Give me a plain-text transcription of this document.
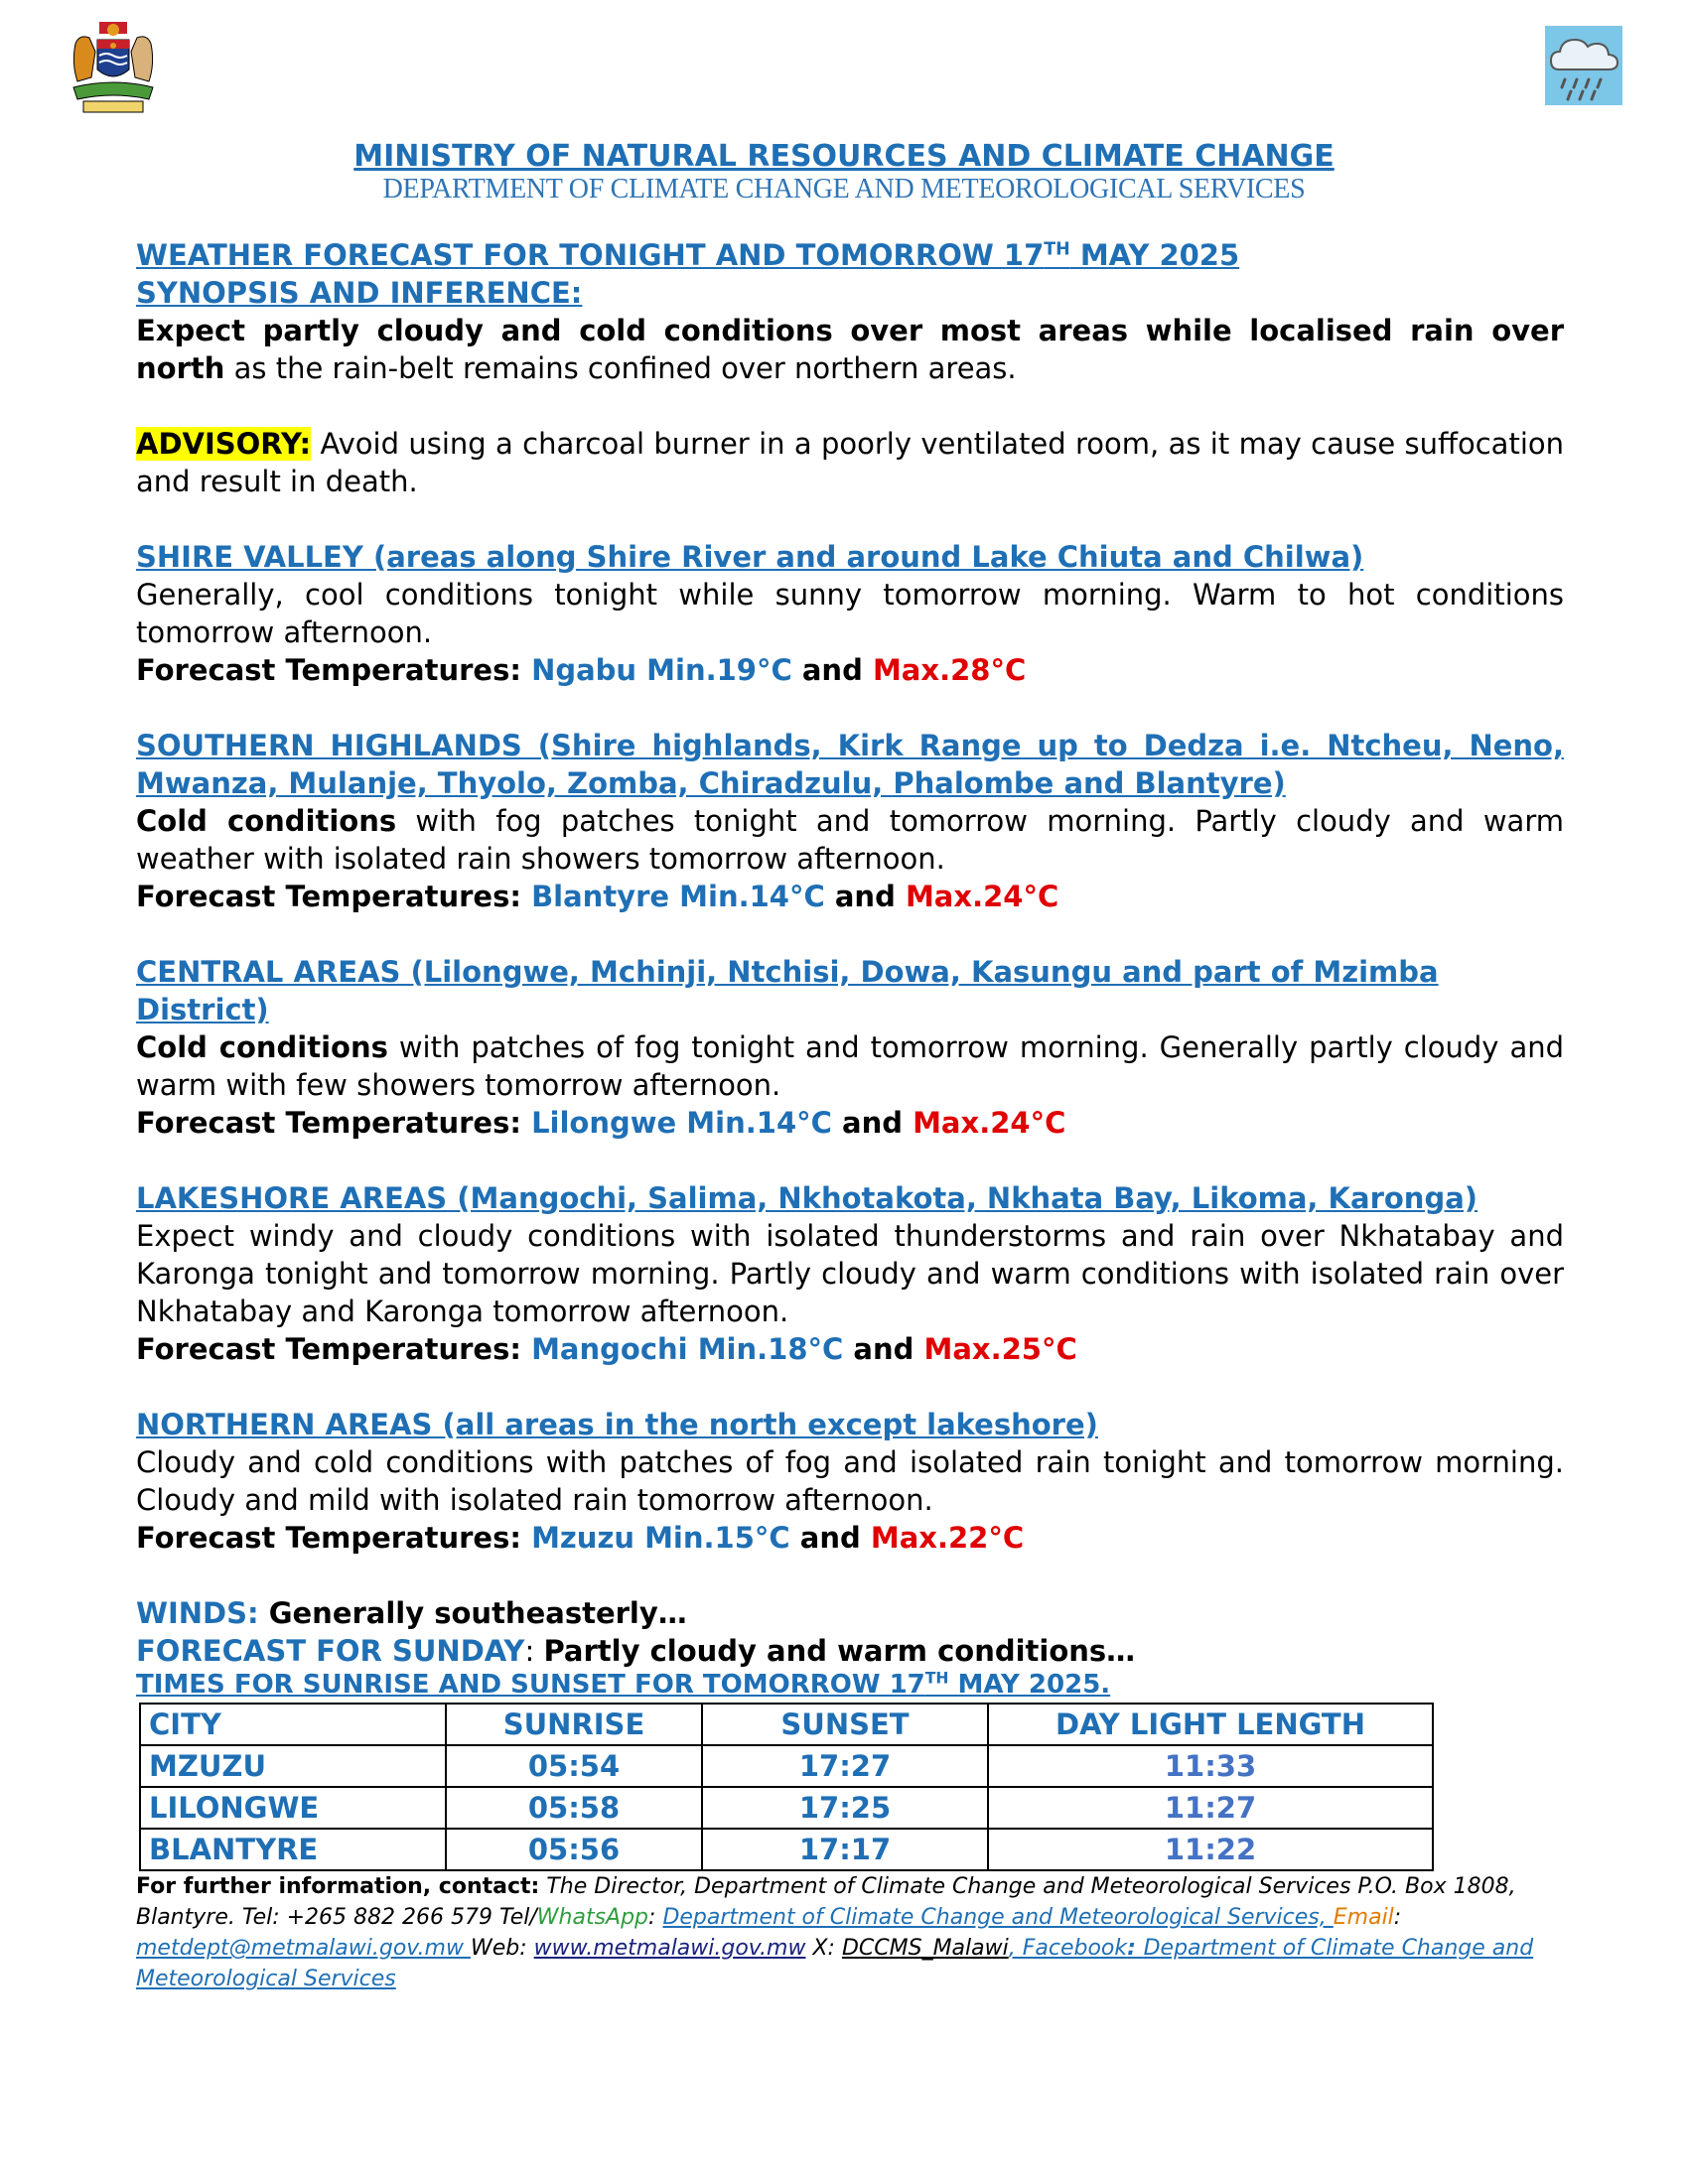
MINISTRY OF NATURAL RESOURCES AND CLIMATE CHANGE
DEPARTMENT OF CLIMATE CHANGE AND METEOROLOGICAL SERVICES

WEATHER FORECAST FOR TONIGHT AND TOMORROW 17TH MAY 2025

SYNOPSIS AND INFERENCE:

Expect partly cloudy and cold conditions over most areas while localised rain over north as the rain-belt remains confined over northern areas.

ADVISORY: Avoid using a charcoal burner in a poorly ventilated room, as it may cause suffocation and result in death.

SHIRE VALLEY (areas along Shire River and around Lake Chiuta and Chilwa)

Generally, cool conditions tonight while sunny tomorrow morning. Warm to hot conditions tomorrow afternoon.

Forecast Temperatures: Ngabu Min.19°C and Max.28°C

SOUTHERN HIGHLANDS (Shire highlands, Kirk Range up to Dedza i.e. Ntcheu, Neno, Mwanza, Mulanje, Thyolo, Zomba, Chiradzulu, Phalombe and Blantyre)

Cold conditions with fog patches tonight and tomorrow morning. Partly cloudy and warm weather with isolated rain showers tomorrow afternoon.

Forecast Temperatures: Blantyre Min.14°C and Max.24°C

CENTRAL AREAS (Lilongwe, Mchinji, Ntchisi, Dowa, Kasungu and part of Mzimba District)

Cold conditions with patches of fog tonight and tomorrow morning. Generally partly cloudy and warm with few showers tomorrow afternoon.

Forecast Temperatures: Lilongwe Min.14°C and Max.24°C

LAKESHORE AREAS (Mangochi, Salima, Nkhotakota, Nkhata Bay, Likoma, Karonga)

Expect windy and cloudy conditions with isolated thunderstorms and rain over Nkhatabay and Karonga tonight and tomorrow morning. Partly cloudy and warm conditions with isolated rain over Nkhatabay and Karonga tomorrow afternoon.

Forecast Temperatures: Mangochi Min.18°C and Max.25°C

NORTHERN AREAS (all areas in the north except lakeshore)

Cloudy and cold conditions with patches of fog and isolated rain tonight and tomorrow morning. Cloudy and mild with isolated rain tomorrow afternoon.

Forecast Temperatures: Mzuzu Min.15°C and Max.22°C

WINDS: Generally southeasterly…

FORECAST FOR SUNDAY: Partly cloudy and warm conditions…

TIMES FOR SUNRISE AND SUNSET FOR TOMORROW 17TH MAY 2025.

CITY	SUNRISE	SUNSET	DAY LIGHT LENGTH
MZUZU	05:54	17:27	11:33
LILONGWE	05:58	17:25	11:27
BLANTYRE	05:56	17:17	11:22

For further information, contact: The Director, Department of Climate Change and Meteorological Services P.O. Box 1808, Blantyre. Tel: +265 882 266 579 Tel/WhatsApp: Department of Climate Change and Meteorological Services, Email: metdept@metmalawi.gov.mw Web: www.metmalawi.gov.mw X: DCCMS_Malawi, Facebook: Department of Climate Change and Meteorological Services
